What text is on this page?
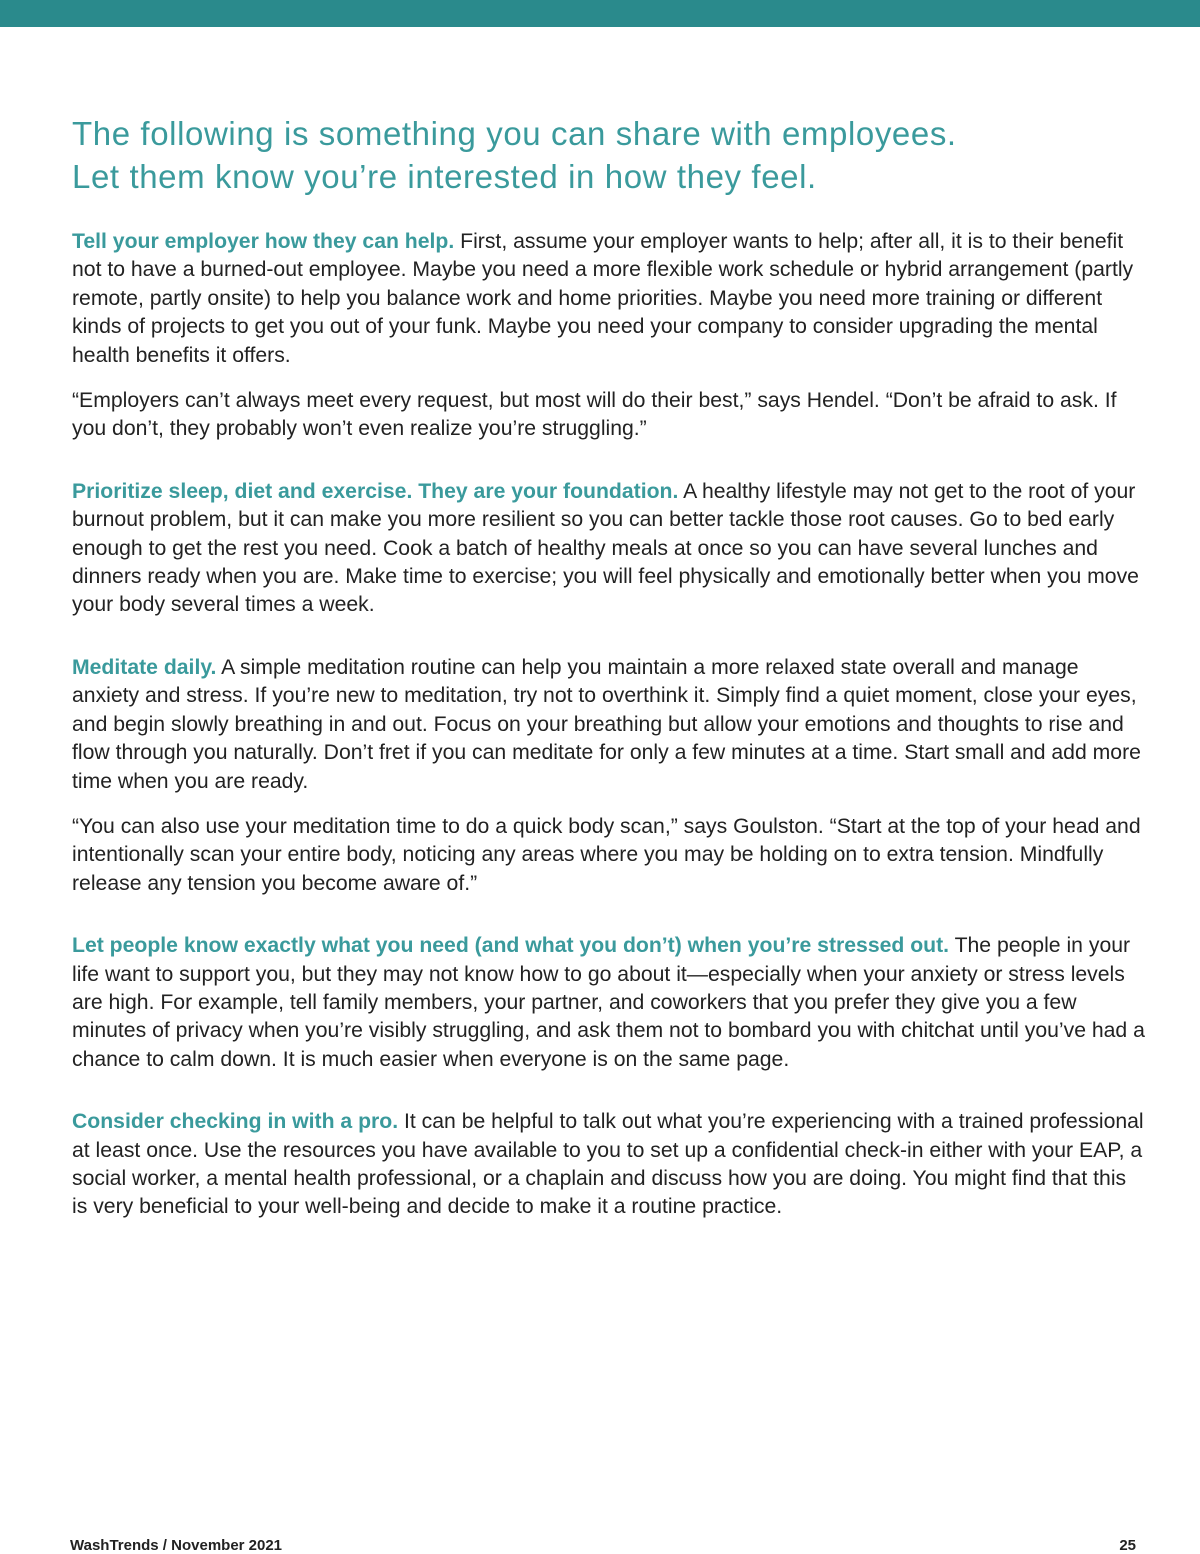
The following is something you can share with employees.
Let them know you’re interested in how they feel.

Tell your employer how they can help. First, assume your employer wants to help; after all, it is to their benefit not to have a burned-out employee. Maybe you need a more flexible work schedule or hybrid arrangement (partly remote, partly onsite) to help you balance work and home priorities. Maybe you need more training or different kinds of projects to get you out of your funk. Maybe you need your company to consider upgrading the mental health benefits it offers.

“Employers can’t always meet every request, but most will do their best,” says Hendel. “Don’t be afraid to ask. If you don’t, they probably won’t even realize you’re struggling.”

Prioritize sleep, diet and exercise. They are your foundation. A healthy lifestyle may not get to the root of your burnout problem, but it can make you more resilient so you can better tackle those root causes. Go to bed early enough to get the rest you need. Cook a batch of healthy meals at once so you can have several lunches and dinners ready when you are. Make time to exercise; you will feel physically and emotionally better when you move your body several times a week.

Meditate daily. A simple meditation routine can help you maintain a more relaxed state overall and manage anxiety and stress. If you’re new to meditation, try not to overthink it. Simply find a quiet moment, close your eyes, and begin slowly breathing in and out. Focus on your breathing but allow your emotions and thoughts to rise and flow through you naturally. Don’t fret if you can meditate for only a few minutes at a time. Start small and add more time when you are ready.

“You can also use your meditation time to do a quick body scan,” says Goulston. “Start at the top of your head and intentionally scan your entire body, noticing any areas where you may be holding on to extra tension. Mindfully release any tension you become aware of.”

Let people know exactly what you need (and what you don’t) when you’re stressed out. The people in your life want to support you, but they may not know how to go about it—especially when your anxiety or stress levels are high. For example, tell family members, your partner, and coworkers that you prefer they give you a few minutes of privacy when you’re visibly struggling, and ask them not to bombard you with chitchat until you’ve had a chance to calm down. It is much easier when everyone is on the same page.

Consider checking in with a pro. It can be helpful to talk out what you’re experiencing with a trained professional at least once. Use the resources you have available to you to set up a confidential check-in either with your EAP, a social worker, a mental health professional, or a chaplain and discuss how you are doing. You might find that this is very beneficial to your well-being and decide to make it a routine practice.

WashTrends / November 2021	25
